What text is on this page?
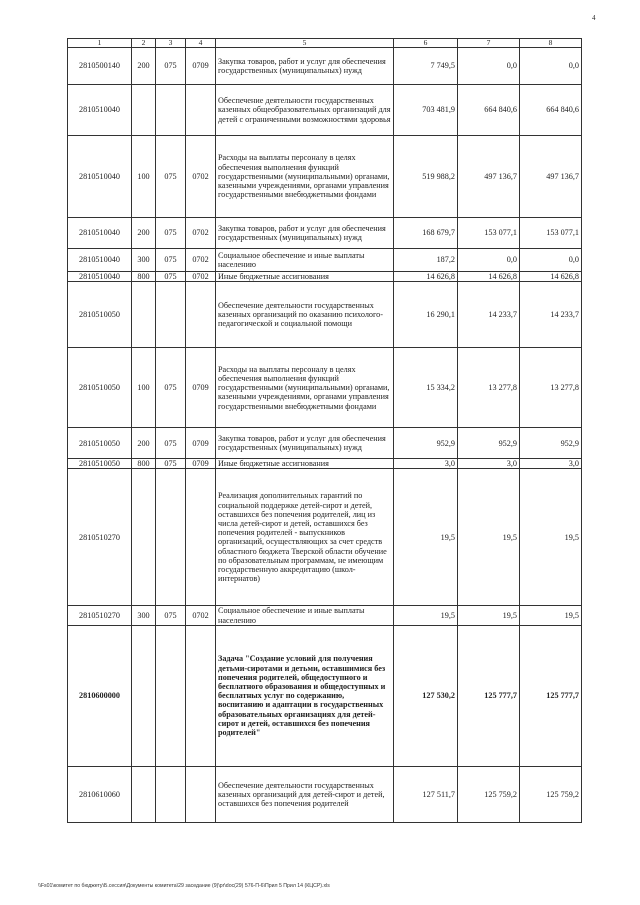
4
1	2	3	4	5	6	7	8
2810500140	200	075	0709	Закупка товаров, работ и услуг для обеспечения государственных (муниципальных) нужд	7 749,5	0,0	0,0
2810510040				Обеспечение деятельности государственных казенных общеобразовательных организаций для детей с ограниченными возможностями здоровья	703 481,9	664 840,6	664 840,6
2810510040	100	075	0702	Расходы на выплаты персоналу в целях обеспечения выполнения функций государственными (муниципальными) органами, казенными учреждениями, органами управления государственными внебюджетными фондами	519 988,2	497 136,7	497 136,7
2810510040	200	075	0702	Закупка товаров, работ и услуг для обеспечения государственных (муниципальных) нужд	168 679,7	153 077,1	153 077,1
2810510040	300	075	0702	Социальное обеспечение и иные выплаты населению	187,2	0,0	0,0
2810510040	800	075	0702	Иные бюджетные ассигнования	14 626,8	14 626,8	14 626,8
2810510050				Обеспечение деятельности государственных казенных организаций по оказанию психолого-педагогической и социальной помощи	16 290,1	14 233,7	14 233,7
2810510050	100	075	0709	Расходы на выплаты персоналу в целях обеспечения выполнения функций государственными (муниципальными) органами, казенными учреждениями, органами управления государственными внебюджетными фондами	15 334,2	13 277,8	13 277,8
2810510050	200	075	0709	Закупка товаров, работ и услуг для обеспечения государственных (муниципальных) нужд	952,9	952,9	952,9
2810510050	800	075	0709	Иные бюджетные ассигнования	3,0	3,0	3,0
2810510270				Реализация дополнительных гарантий по социальной поддержке детей-сирот и детей, оставшихся без попечения родителей, лиц из числа детей-сирот и детей, оставшихся без попечения родителей - выпускников организаций, осуществляющих за счет средств областного бюджета Тверской области обучение по образовательным программам, не имеющим государственную аккредитацию (школ-интернатов)	19,5	19,5	19,5
2810510270	300	075	0702	Социальное обеспечение и иные выплаты населению	19,5	19,5	19,5
2810600000				Задача "Создание условий для получения детьми-сиротами и детьми, оставшимися без попечения родителей, общедоступного и бесплатного образования и общедоступных и бесплатных услуг по содержанию, воспитанию и адаптации в государственных образовательных организациях для детей-сирот и детей, оставшихся без попечения родителей"	127 530,2	125 777,7	125 777,7
2810610060				Обеспечение деятельности государственных казенных организаций для детей-сирот и детей, оставшихся без попечения родителей	127 511,7	125 759,2	125 759,2
\\Fs01\комитет по бюджету\Б.сессия\Документы комитета\29 заседание (9)\pr\doc(29) 576-П-6\Прил 5 Прил 14 (КЦСР).xls
